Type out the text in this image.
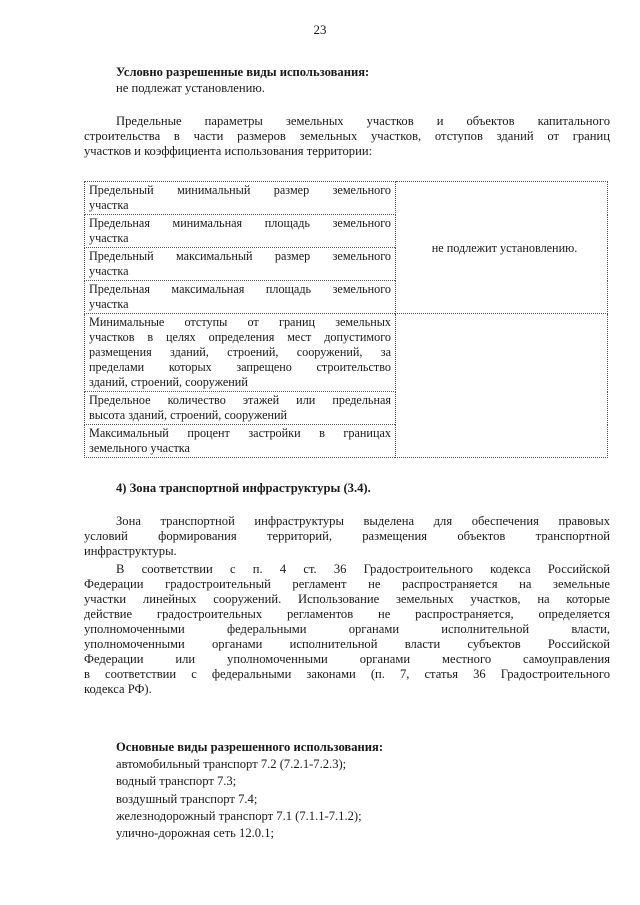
23
Условно разрешенные виды использования:
не подлежат установлению.
Предельные параметры земельных участков и объектов капитального
строительства в части размеров земельных участков, отступов зданий от границ
участков и коэффициента использования территории:
Предельный минимальный размер земельного
участка	не подлежит установлению.

Предельная минимальная площадь земельного
участка	

Предельный максимальный размер земельного
участка	

Предельная максимальная площадь земельного
участка	

Минимальные отступы от границ земельных
участков в целях определения мест допустимого
размещения зданий, строений, сооружений, за
пределами которых запрещено строительство
зданий, строений, сооружений	

Предельное количество этажей или предельная
высота зданий, строений, сооружений	

Максимальный процент застройки в границах
земельного участка	
4) Зона транспортной инфраструктуры (3.4).
Зона транспортной инфраструктуры выделена для обеспечения правовых
условий формирования территорий, размещения объектов транспортной
инфраструктуры.
В соответствии с п. 4 ст. 36 Градостроительного кодекса Российской
Федерации градостроительный регламент не распространяется на земельные
участки линейных сооружений. Использование земельных участков, на которые
действие градостроительных регламентов не распространяется, определяется
уполномоченными федеральными органами исполнительной власти,
уполномоченными органами исполнительной власти субъектов Российской
Федерации или уполномоченными органами местного самоуправления
в соответствии с федеральными законами (п. 7, статья 36 Градостроительного
кодекса РФ).
Основные виды разрешенного использования:
автомобильный транспорт 7.2 (7.2.1-7.2.3);
водный транспорт 7.3;
воздушный транспорт 7.4;
железнодорожный транспорт 7.1 (7.1.1-7.1.2);
улично-дорожная сеть 12.0.1;
